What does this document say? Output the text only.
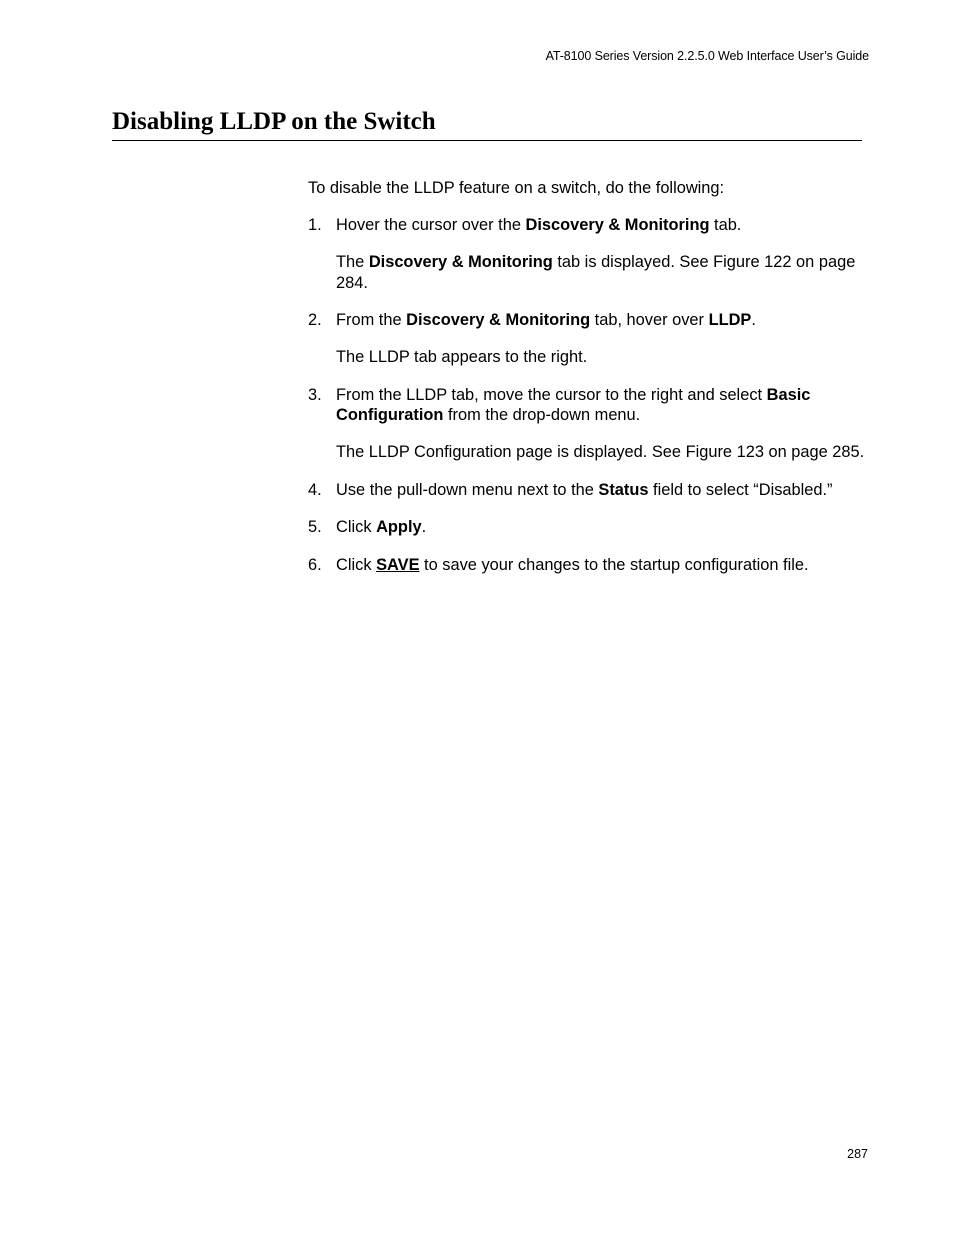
AT-8100 Series Version 2.2.5.0 Web Interface User’s Guide
Disabling LLDP on the Switch

To disable the LLDP feature on a switch, do the following:

1. Hover the cursor over the Discovery & Monitoring tab.

The Discovery & Monitoring tab is displayed. See Figure 122 on page 284.

2. From the Discovery & Monitoring tab, hover over LLDP.

The LLDP tab appears to the right.

3. From the LLDP tab, move the cursor to the right and select Basic Configuration from the drop-down menu.

The LLDP Configuration page is displayed. See Figure 123 on page 285.

4. Use the pull-down menu next to the Status field to select “Disabled.”

5. Click Apply.

6. Click SAVE to save your changes to the startup configuration file.

287
